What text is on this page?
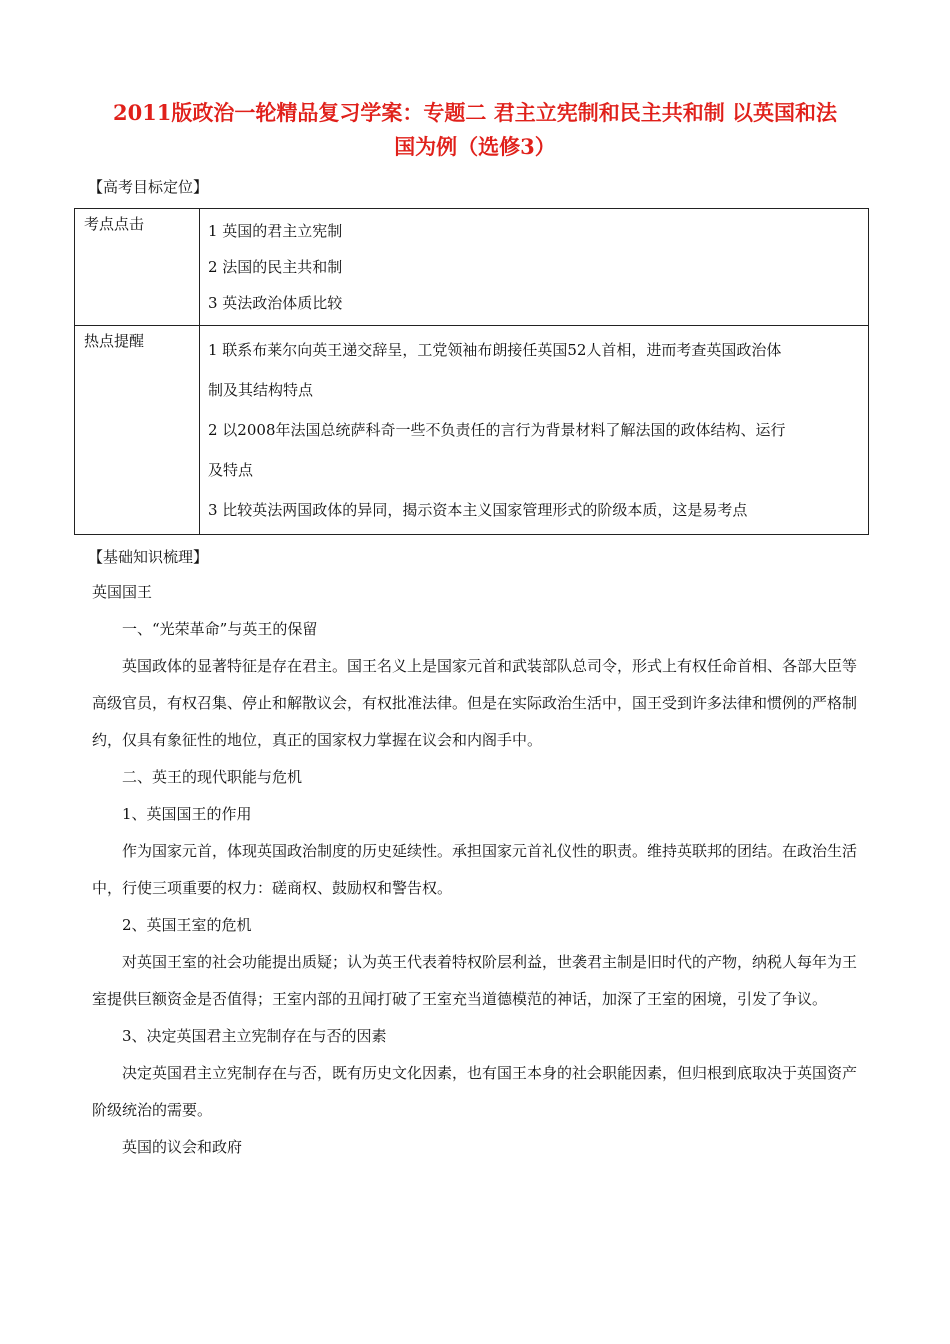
2011版政治一轮精品复习学案：专题二 君主立宪制和民主共和制 以英国和法
国为例（选修3）
【高考目标定位】
考点点击	1 英国的君主立宪制
2 法国的民主共和制
3 英法政治体质比较

热点提醒	1 联系布莱尔向英王递交辞呈，工党领袖布朗接任英国52人首相，进而考查英国政治体
制及其结构特点
2 以2008年法国总统萨科奇一些不负责任的言行为背景材料了解法国的政体结构、运行
及特点
3 比较英法两国政体的异同，揭示资本主义国家管理形式的阶级本质，这是易考点
【基础知识梳理】

英国国王

一、“光荣革命”与英王的保留

英国政体的显著特征是存在君主。国王名义上是国家元首和武装部队总司令，形式上有权任命首相、各部大臣等高级官员，有权召集、停止和解散议会，有权批准法律。但是在实际政治生活中，国王受到许多法律和惯例的严格制约，仅具有象征性的地位，真正的国家权力掌握在议会和内阁手中。

二、英王的现代职能与危机

1、英国国王的作用

作为国家元首，体现英国政治制度的历史延续性。承担国家元首礼仪性的职责。维持英联邦的团结。在政治生活中，行使三项重要的权力：磋商权、鼓励权和警告权。

2、英国王室的危机

对英国王室的社会功能提出质疑；认为英王代表着特权阶层利益，世袭君主制是旧时代的产物，纳税人每年为王室提供巨额资金是否值得；王室内部的丑闻打破了王室充当道德模范的神话，加深了王室的困境，引发了争议。

3、决定英国君主立宪制存在与否的因素

决定英国君主立宪制存在与否，既有历史文化因素，也有国王本身的社会职能因素，但归根到底取决于英国资产阶级统治的需要。

英国的议会和政府
